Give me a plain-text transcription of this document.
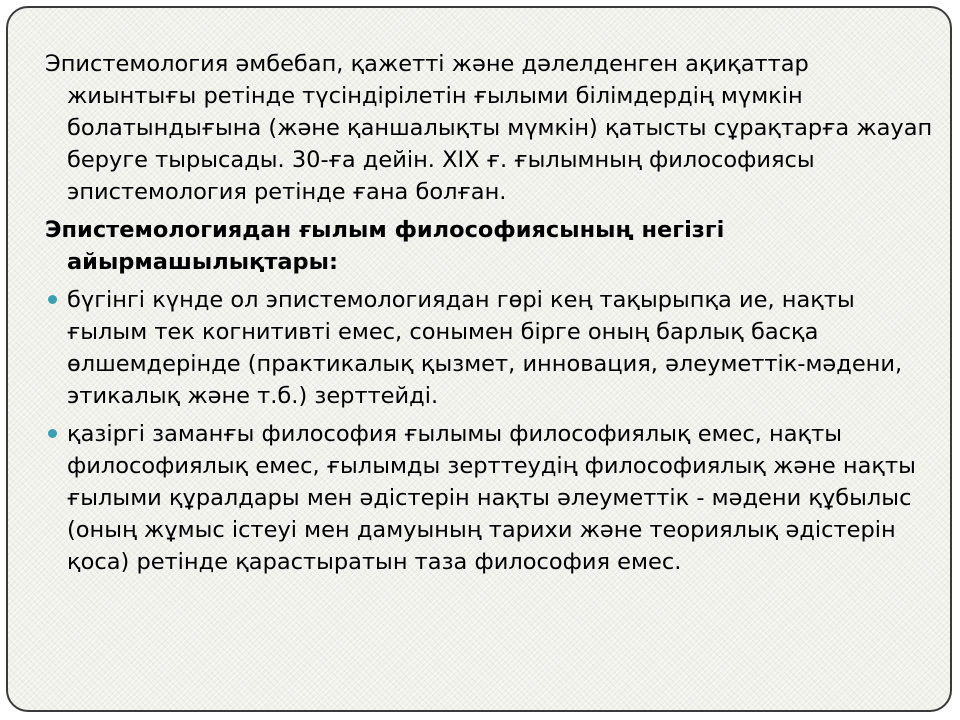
Эпистемология әмбебап, қажетті және дәлелденген ақиқаттар жиынтығы ретінде түсіндірілетін ғылыми білімдердің мүмкін болатындығына (және қаншалықты мүмкін) қатысты сұрақтарға жауап беруге тырысады. 30-ға дейін. XIX ғ. ғылымның философиясы эпистемология ретінде ғана болған.

Эпистемологиядан ғылым философиясының негізгі айырмашылықтары:

бүгінгі күнде ол эпистемологиядан гөрі кең тақырыпқа ие, нақты ғылым тек когнитивті емес, сонымен бірге оның барлық басқа өлшемдерінде (практикалық қызмет, инновация, әлеуметтік-мәдени, этикалық және т.б.) зерттейді.
қазіргі заманғы философия ғылымы философиялық емес, нақты философиялық емес, ғылымды зерттеудің философиялық және нақты ғылыми құралдары мен әдістерін нақты әлеуметтік - мәдени құбылыс (оның жұмыс істеуі мен дамуының тарихи және теориялық әдістерін қоса) ретінде қарастыратын таза философия емес.
